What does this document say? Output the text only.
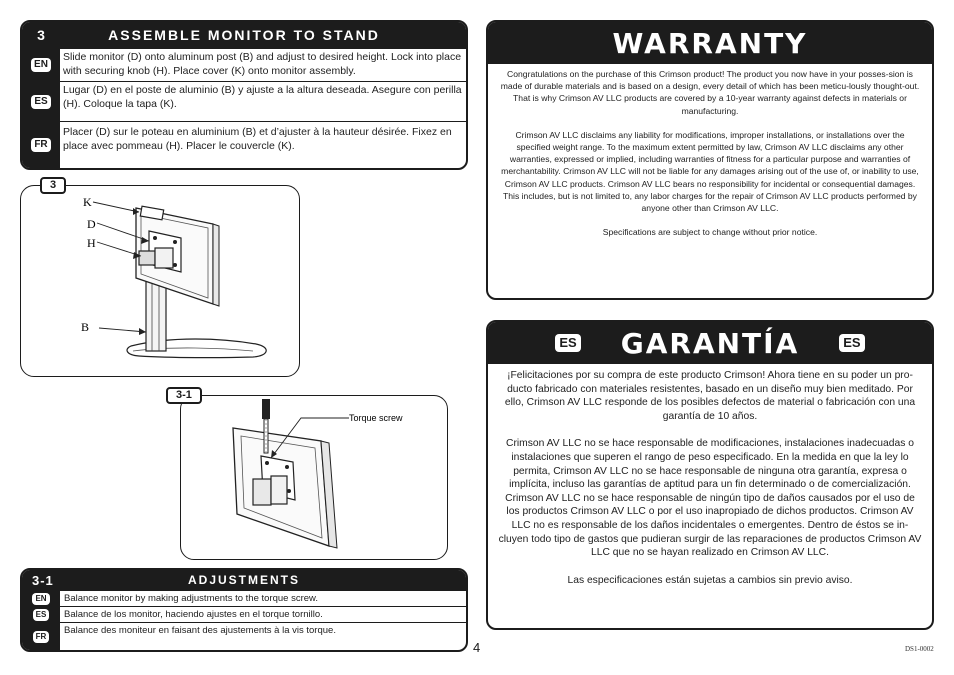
3	ASSEMBLE MONITOR TO STAND
EN
Slide monitor (D) onto aluminum post (B) and adjust to desired height. Lock into place with securing knob (H). Place cover (K) onto monitor assembly.
ES
Lugar (D) en el poste de aluminio (B) y ajuste a la altura deseada. Asegure con perilla (H). Coloque la tapa (K).
FR
Placer (D) sur le poteau en aluminium (B) et d’ajuster à la hauteur désirée. Fixez en place avec pommeau (H). Placer le couvercle (K).
K
D
H
B
3
Torque screw
3-1
3-1	ADJUSTMENTS
EN	Balance monitor by making adjustments to the torque screw.
ES	Balance de los monitor, haciendo ajustes en el torque tornillo.
FR	Balance des moniteur en faisant des ajustements à la vis torque.
4	DS1-0002
WARRANTY

Congratulations on the purchase of this Crimson product! The product you now have in your posses-sion is made of durable materials and is based on a design, every detail of which has been meticu-lously thought-out. That is why Crimson AV LLC products are covered by a 10-year warranty against defects in materials or manufacturing.

Crimson AV LLC disclaims any liability for modifications, improper installations, or installations over the specified weight range. To the maximum extent permitted by law, Crimson AV LLC disclaims any other warranties, expressed or implied, including warranties of fitness for a particular purpose and warranties of merchantability. Crimson AV LLC will not be liable for any damages arising out of the use of, or inability to use, Crimson AV LLC products. Crimson AV LLC bears no responsibility for incidental or consequential damages. This includes, but is not limited to, any labor charges for the repair of Crimson AV LLC products performed by anyone other than Crimson AV LLC.

Specifications are subject to change without prior notice.

ES GARANTÍA	ES

¡Felicitaciones por su compra de este producto Crimson! Ahora tiene en su poder un pro-ducto fabricado con materiales resistentes, basado en un diseño muy bien meditado. Por ello, Crimson AV LLC responde de los posibles defectos de material o fabricación con una garantía de 10 años.

Crimson AV LLC no se hace responsable de modificaciones, instalaciones inadecuadas o instalaciones que superen el rango de peso especificado. En la medida en que la ley lo permita, Crimson AV LLC no se hace responsable de ninguna otra garantía, expresa o implícita, incluso las garantías de aptitud para un fin determinado o de comercialización. Crimson AV LLC no se hace responsable de ningún tipo de daños causados por el uso de los productos Crimson AV LLC o por el uso inapropiado de dichos productos. Crimson AV LLC no es responsable de los daños incidentales o emergentes. Dentro de éstos se in-cluyen todo tipo de gastos que pudieran surgir de las reparaciones de productos Crimson AV LLC que no se hayan realizado en Crimson AV LLC.

Las especificaciones están sujetas a cambios sin previo aviso.
